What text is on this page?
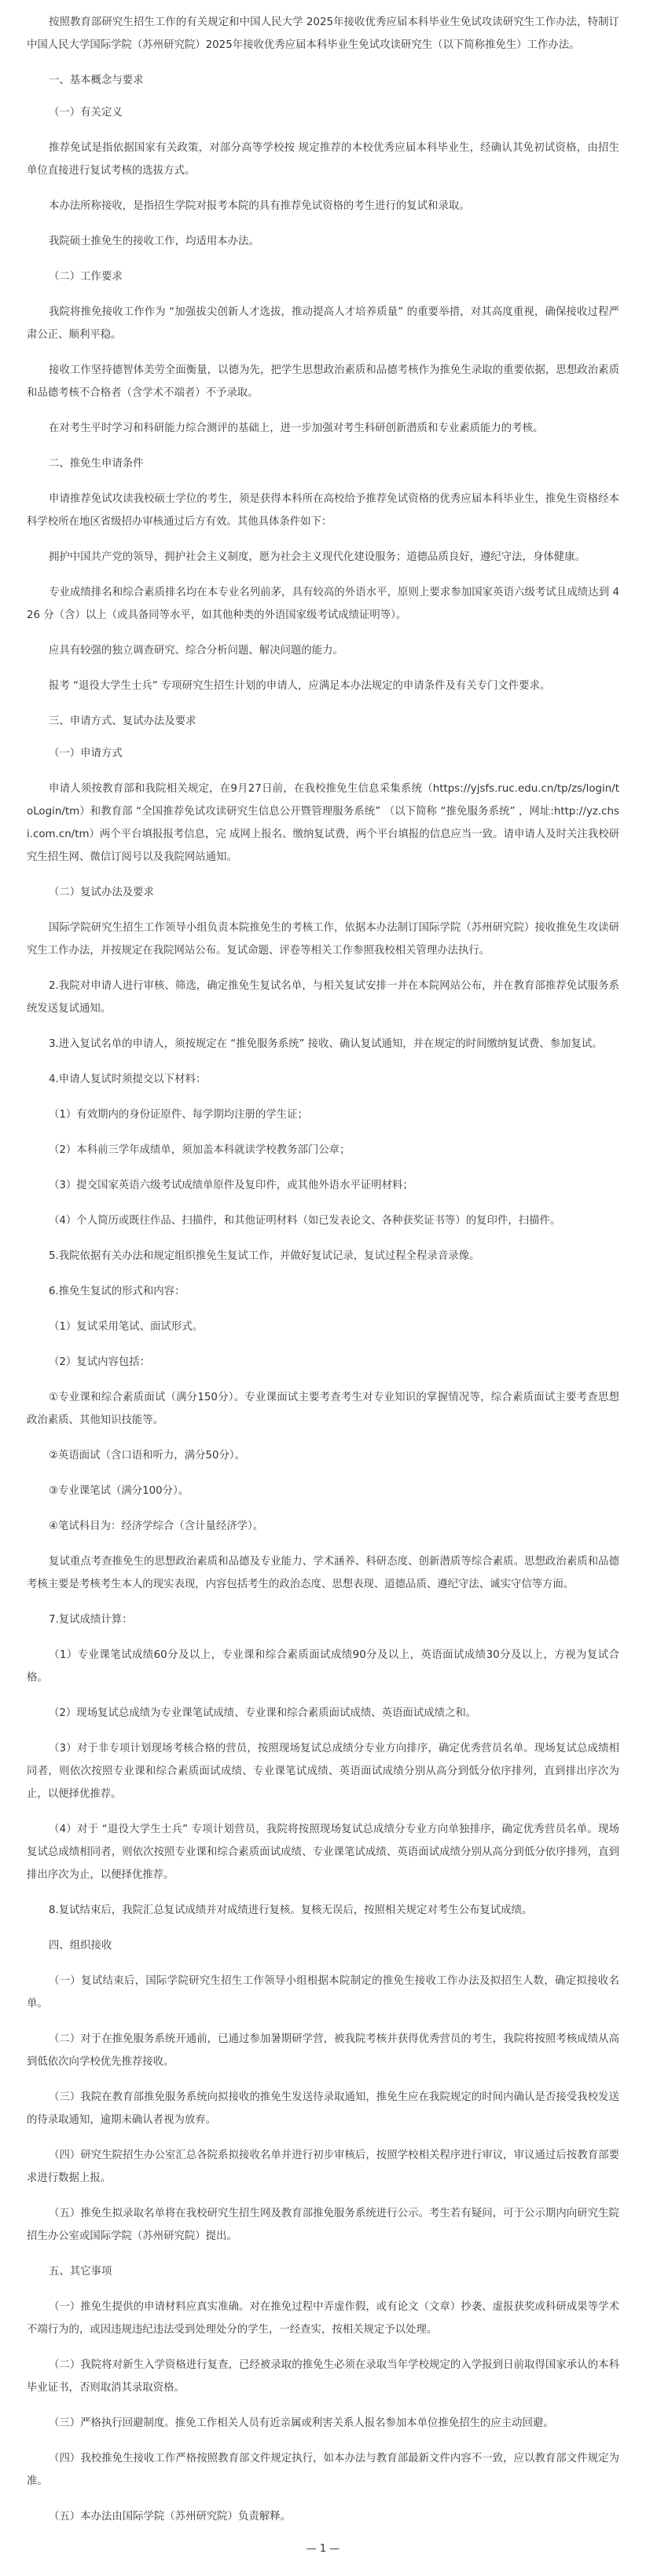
按照教育部研究生招生工作的有关规定和中国人民大学 2025年接收优秀应届本科毕业生免试攻读研究生工作办法，特制订中国人民大学国际学院（苏州研究院）2025年接收优秀应届本科毕业生免试攻读研究生（以下简称推免生）工作办法。

一、基本概念与要求

（一）有关定义

推荐免试是指依据国家有关政策，对部分高等学校按 规定推荐的本校优秀应届本科毕业生，经确认其免初试资格，由招生单位直接进行复试考核的选拔方式。

本办法所称接收，是指招生学院对报考本院的具有推荐免试资格的考生进行的复试和录取。

我院硕士推免生的接收工作，均适用本办法。

（二）工作要求

我院将推免接收工作作为 “加强拔尖创新人才选拔，推动提高人才培养质量” 的重要举措，对其高度重视，确保接收过程严肃公正、顺利平稳。

接收工作坚持德智体美劳全面衡量，以德为先，把学生思想政治素质和品德考核作为推免生录取的重要依据，思想政治素质和品德考核不合格者（含学术不端者）不予录取。

在对考生平时学习和科研能力综合测评的基础上，进一步加强对考生科研创新潜质和专业素质能力的考核。

二、推免生申请条件

申请推荐免试攻读我校硕士学位的考生，须是获得本科所在高校给予推荐免试资格的优秀应届本科毕业生，推免生资格经本科学校所在地区省级招办审核通过后方有效。其他具体条件如下：

拥护中国共产党的领导，拥护社会主义制度，愿为社会主义现代化建设服务；道德品质良好，遵纪守法，身体健康。

专业成绩排名和综合素质排名均在本专业名列前茅，具有较高的外语水平，原则上要求参加国家英语六级考试且成绩达到 426 分（含）以上（或具备同等水平，如其他种类的外语国家级考试成绩证明等）。

应具有较强的独立调查研究、综合分析问题、解决问题的能力。

报考 “退役大学生士兵” 专项研究生招生计划的申请人，应满足本办法规定的申请条件及有关专门文件要求。

三、申请方式、复试办法及要求

（一）申请方式

申请人须按教育部和我院相关规定，在9月27日前，在我校推免生信息采集系统（https://yjsfs.ruc.edu.cn/tp/zs/login/toLogin/tm）和教育部 “全国推荐免试攻读研究生信息公开暨管理服务系统” （以下简称 “推免服务系统” ，网址:http://yz.chsi.com.cn/tm）两个平台填报报考信息，完 成网上报名、缴纳复试费，两个平台填报的信息应当一致。请申请人及时关注我校研究生招生网、微信订阅号以及我院网站通知。

（二）复试办法及要求

国际学院研究生招生工作领导小组负责本院推免生的考核工作，依据本办法制订国际学院（苏州研究院）接收推免生攻读研究生工作办法，并按规定在我院网站公布。复试命题、评卷等相关工作参照我校相关管理办法执行。

2.我院对申请人进行审核、筛选，确定推免生复试名单，与相关复试安排一并在本院网站公布，并在教育部推荐免试服务系统发送复试通知。

3.进入复试名单的申请人，须按规定在 “推免服务系统” 接收、确认复试通知，并在规定的时间缴纳复试费、参加复试。

4.申请人复试时须提交以下材料：

（1）有效期内的身份证原件、每学期均注册的学生证；

（2）本科前三学年成绩单，须加盖本科就读学校教务部门公章；

（3）提交国家英语六级考试成绩单原件及复印件，或其他外语水平证明材料；

（4）个人简历或既往作品、扫描件，和其他证明材料（如已发表论文、各种获奖证书等）的复印件，扫描件。

5.我院依据有关办法和规定组织推免生复试工作，并做好复试记录，复试过程全程录音录像。

6.推免生复试的形式和内容：

（1）复试采用笔试、面试形式。

（2）复试内容包括：

①专业课和综合素质面试（满分150分）。专业课面试主要考查考生对专业知识的掌握情况等，综合素质面试主要考查思想政治素质、其他知识技能等。

②英语面试（含口语和听力，满分50分）。

③专业课笔试（满分100分）。

④笔试科目为：经济学综合（含计量经济学）。

复试重点考查推免生的思想政治素质和品德及专业能力、学术涵养、科研态度、创新潜质等综合素质。思想政治素质和品德考核主要是考核考生本人的现实表现，内容包括考生的政治态度、思想表现、道德品质、遵纪守法、诚实守信等方面。

7.复试成绩计算：

（1）专业课笔试成绩60分及以上，专业课和综合素质面试成绩90分及以上，英语面试成绩30分及以上，方视为复试合格。

（2）现场复试总成绩为专业课笔试成绩、专业课和综合素质面试成绩、英语面试成绩之和。

（3）对于非专项计划现场考核合格的营员，按照现场复试总成绩分专业方向排序，确定优秀营员名单。现场复试总成绩相同者，则依次按照专业课和综合素质面试成绩、专业课笔试成绩、英语面试成绩分别从高分到低分依序排列，直到排出序次为止，以便择优推荐。

（4）对于 “退役大学生士兵” 专项计划营员，我院将按照现场复试总成绩分专业方向单独排序，确定优秀营员名单。现场复试总成绩相同者，则依次按照专业课和综合素质面试成绩、专业课笔试成绩、英语面试成绩分别从高分到低分依序排列，直到排出序次为止，以便择优推荐。

8.复试结束后，我院汇总复试成绩并对成绩进行复核。复核无误后，按照相关规定对考生公布复试成绩。

四、组织接收

（一）复试结束后，国际学院研究生招生工作领导小组根据本院制定的推免生接收工作办法及拟招生人数，确定拟接收名单。

（二）对于在推免服务系统开通前，已通过参加暑期研学营，被我院考核并获得优秀营员的考生，我院将按照考核成绩从高到低依次向学校优先推荐接收。

（三）我院在教育部推免服务系统向拟接收的推免生发送待录取通知，推免生应在我院规定的时间内确认是否接受我校发送的待录取通知，逾期未确认者视为放弃。

（四）研究生院招生办公室汇总各院系拟接收名单并进行初步审核后，按照学校相关程序进行审议，审议通过后按教育部要求进行数据上报。

（五）推免生拟录取名单将在我校研究生招生网及教育部推免服务系统进行公示。考生若有疑问，可于公示期内向研究生院招生办公室或国际学院（苏州研究院）提出。

五、其它事项

（一）推免生提供的申请材料应真实准确。对在推免过程中弄虚作假，或有论文（文章）抄袭、虚报获奖或科研成果等学术不端行为的，或因违规违纪违法受到处理处分的学生，一经查实，按相关规定予以处理。

（二）我院将对新生入学资格进行复查，已经被录取的推免生必须在录取当年学校规定的入学报到日前取得国家承认的本科毕业证书，否则取消其录取资格。

（三）严格执行回避制度。推免工作相关人员有近亲属或利害关系人报名参加本单位推免招生的应主动回避。

（四）我校推免生接收工作严格按照教育部文件规定执行，如本办法与教育部最新文件内容不一致，应以教育部文件规定为准。

（五）本办法由国际学院（苏州研究院）负责解释。

— 1 —
